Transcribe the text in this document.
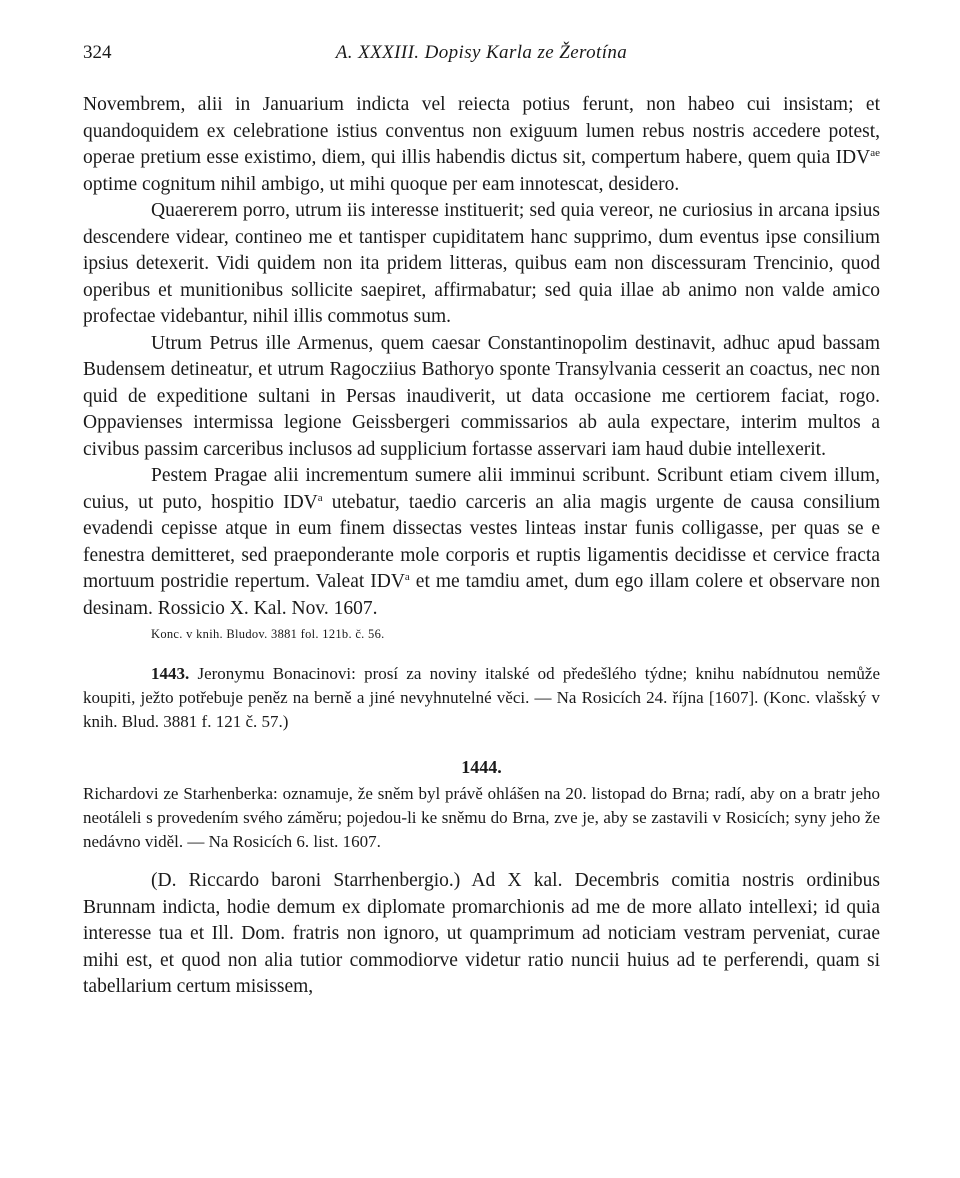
324	A. XXXIII. Dopisy Karla ze Žerotína

Novembrem, alii in Januarium indicta vel reiecta potius ferunt, non habeo cui insistam; et quandoquidem ex celebratione istius conventus non exiguum lumen rebus nostris accedere potest, operae pretium esse existimo, diem, qui illis habendis dictus sit, compertum habere, quem quia $IDV^{ae}$ optime cognitum nihil ambigo, ut mihi quoque per eam innotescat, desidero.

Quaererem porro, utrum iis interesse instituerit; sed quia vereor, ne curiosius in arcana ipsius descendere videar, contineo me et tantisper cupiditatem hanc supprimo, dum eventus ipse consilium ipsius detexerit. Vidi quidem non ita pridem litteras, quibus eam non discessuram Trencinio, quod operibus et munitionibus sollicite saepiret, affirmabatur; sed quia illae ab animo non valde amico profectae videbantur, nihil illis commotus sum.

Utrum Petrus ille Armenus, quem caesar Constantinopolim destinavit, adhuc apud bassam Budensem detineatur, et utrum Ragocziius Bathoryo sponte Transylvania cesserit an coactus, nec non quid de expeditione sultani in Persas inaudiverit, ut data occasione me certiorem faciat, rogo. Oppavienses intermissa legione Geissbergeri commissarios ab aula expectare, interim multos a civibus passim carceribus inclusos ad supplicium fortasse asservari iam haud dubie intellexerit.

Pestem Pragae alii incrementum sumere alii imminui scribunt. Scribunt etiam civem illum, cuius, ut puto, hospitio IDV$^a$ utebatur, taedio carceris an alia magis urgente de causa consilium evadendi cepisse atque in eum finem dissectas vestes linteas instar funis colligasse, per quas se e fenestra demitteret, sed praeponderante mole corporis et ruptis ligamentis decidisse et cervice fracta mortuum postridie repertum. Valeat IDV$^a$ et me tamdiu amet, dum ego illam colere et observare non desinam. Rossicio X. Kal. Nov. 1607.

Konc. v knih. Bludov. 3881 fol. 121b. č. 56.

1443. Jeronymu Bonacinovi: prosí za noviny italské od předešlého týdne; knihu nabídnutou nemůže koupiti, ježto potřebuje peněz na berně a jiné nevyhnutelné věci. — Na Rosicích 24. října [1607]. (Konc. vlašský v knih. Blud. 3881 f. 121 č. 57.)

1444.

Richardovi ze Starhenberka: oznamuje, že sněm byl právě ohlášen na 20. listopad do Brna; radí, aby on a bratr jeho neotáleli s provedením svého záměru; pojedou-li ke sněmu do Brna, zve je, aby se zastavili v Rosicích; syny jeho že nedávno viděl. — Na Rosicích 6. list. 1607.

(D. Riccardo baroni Starrhenbergio.) Ad X kal. Decembris comitia nostris ordinibus Brunnam indicta, hodie demum ex diplomate promarchionis ad me de more allato intellexi; id quia interesse tua et Ill. Dom. fratris non ignoro, ut quamprimum ad noticiam vestram perveniat, curae mihi est, et quod non alia tutior commodiorve videtur ratio nuncii huius ad te perferendi, quam si tabellarium certum misissem,
